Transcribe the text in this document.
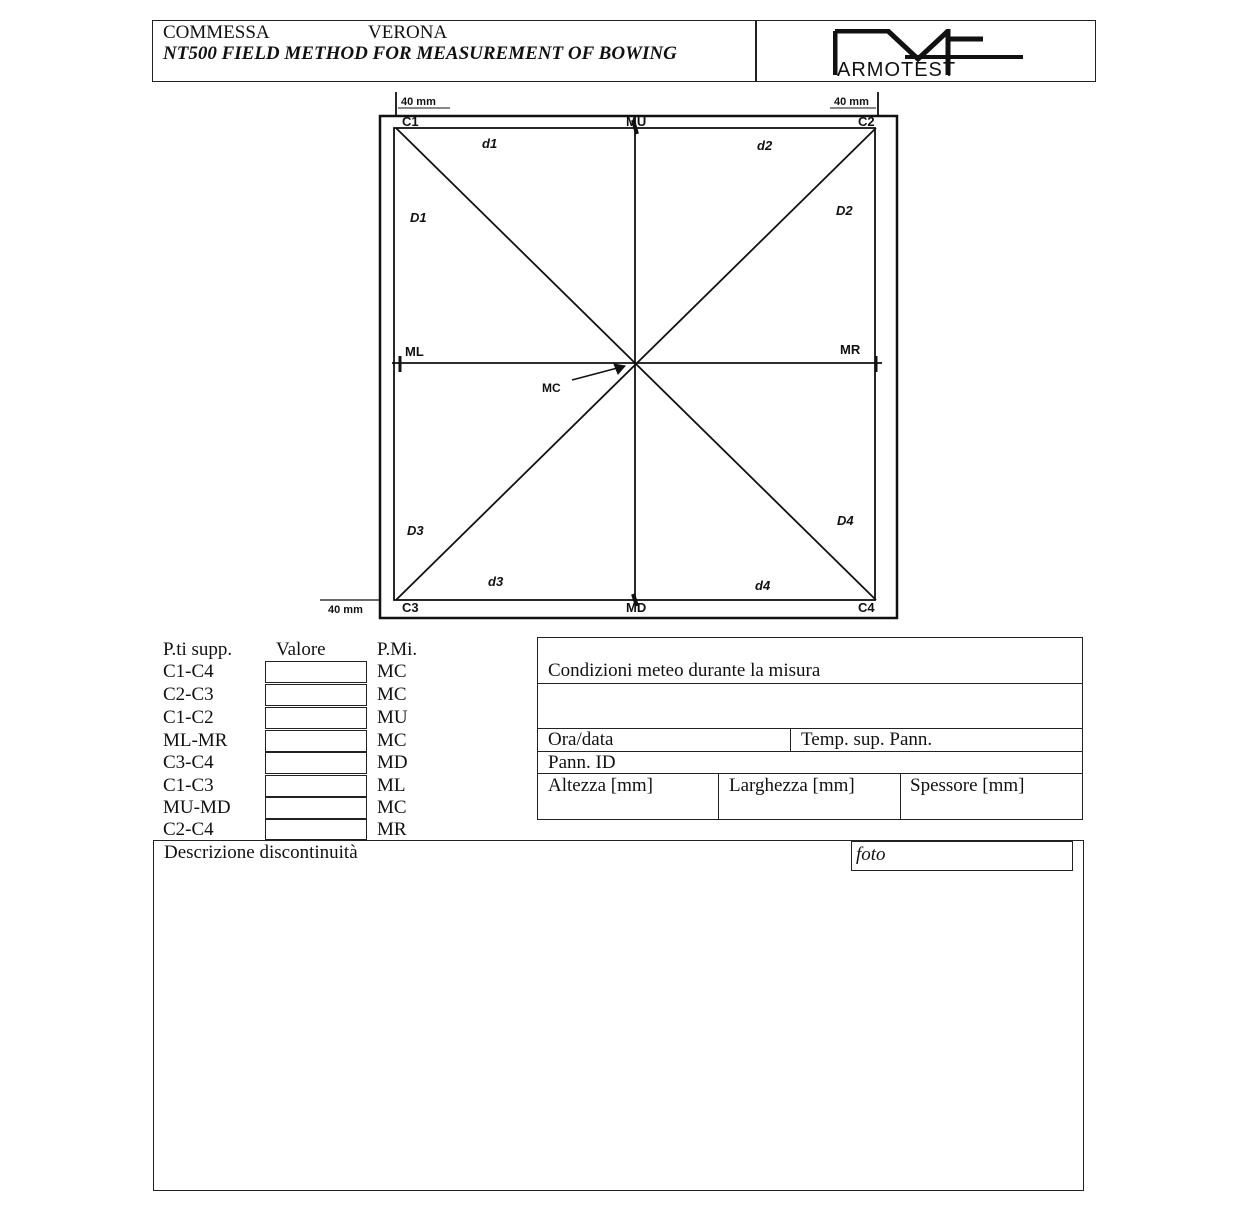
COMMESSA	VERONA
NT500 FIELD METHOD FOR MEASUREMENT OF BOWING
ARMOTEST
40 mm	40 mm
40 mm
C1	C2
C3	C4
MU
MD
ML	MR
MC
d1	d2
d3	d4
D1	D2
D3
D4
P.ti supp. Valore	P.Mi.
C1-C4	MC
C2-C3	MC
C1-C2	MU
ML-MR	MC
C3-C4	MD
C1-C3	ML
MU-MD	MC
C2-C4	MR
Condizioni meteo durante la misura
Ora/data	Temp. sup. Pann.
Pann. ID
Altezza [mm]	Larghezza [mm]	Spessore [mm]
Descrizione discontinuità	foto
